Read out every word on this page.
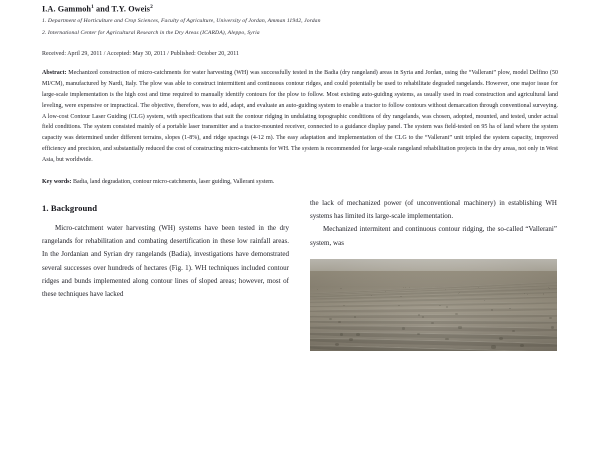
I.A. Gammoh$^1$ and T.Y. Oweis$^2$
1. Department of Horticulture and Crop Sciences, Faculty of Agriculture, University of Jordan, Amman 11942, Jordan
2. International Center for Agricultural Research in the Dry Areas (ICARDA), Aleppo, Syria
Received: April 29, 2011 / Accepted: May 30, 2011 / Published: October 20, 2011
Abstract: Mechanized construction of micro-catchments for water harvesting (WH) was successfully tested in the Badia (dry rangeland) areas in Syria and Jordan, using the “Vallerani” plow, model Delfino (50 MI/CM), manufactured by Nardi, Italy. The plow was able to construct intermittent and continuous contour ridges, and could potentially be used to rehabilitate degraded rangelands. However, one major issue for large-scale implementation is the high cost and time required to manually identify contours for the plow to follow. Most existing auto-guiding systems, as usually used in road construction and agricultural land leveling, were expensive or impractical. The objective, therefore, was to add, adapt, and evaluate an auto-guiding system to enable a tractor to follow contours without demarcation through conventional surveying. A low-cost Contour Laser Guiding (CLG) system, with specifications that suit the contour ridging in undulating topographic conditions of dry rangelands, was chosen, adopted, mounted, and tested, under actual field conditions. The system consisted mainly of a portable laser transmitter and a tractor-mounted receiver, connected to a guidance display panel. The system was field-tested on 95 ha of land where the system capacity was determined under different terrains, slopes (1-8%), and ridge spacings (4-12 m). The easy adaptation and implementation of the CLG to the “Vallerani” unit tripled the system capacity, improved efficiency and precision, and substantially reduced the cost of constructing micro-catchments for WH. The system is recommended for large-scale rangeland rehabilitation projects in the dry areas, not only in West Asia, but worldwide.
Key words: Badia, land degradation, contour micro-catchments, laser guiding, Vallerani system.
1. Background

Micro-catchment water harvesting (WH) systems have been tested in the dry rangelands for rehabilitation and combating desertification in these low rainfall areas. In the Jordanian and Syrian dry rangelands (Badia), investigations have demonstrated several successes over hundreds of hectares (Fig. 1). WH techniques included contour ridges and bunds implemented along contour lines of sloped areas; however, most of these techniques have lacked

the lack of mechanized power (of unconventional machinery) in establishing WH systems has limited its large-scale implementation.

Mechanized intermitent and continuous contour ridging, the so-called “Vallerani” system, was
